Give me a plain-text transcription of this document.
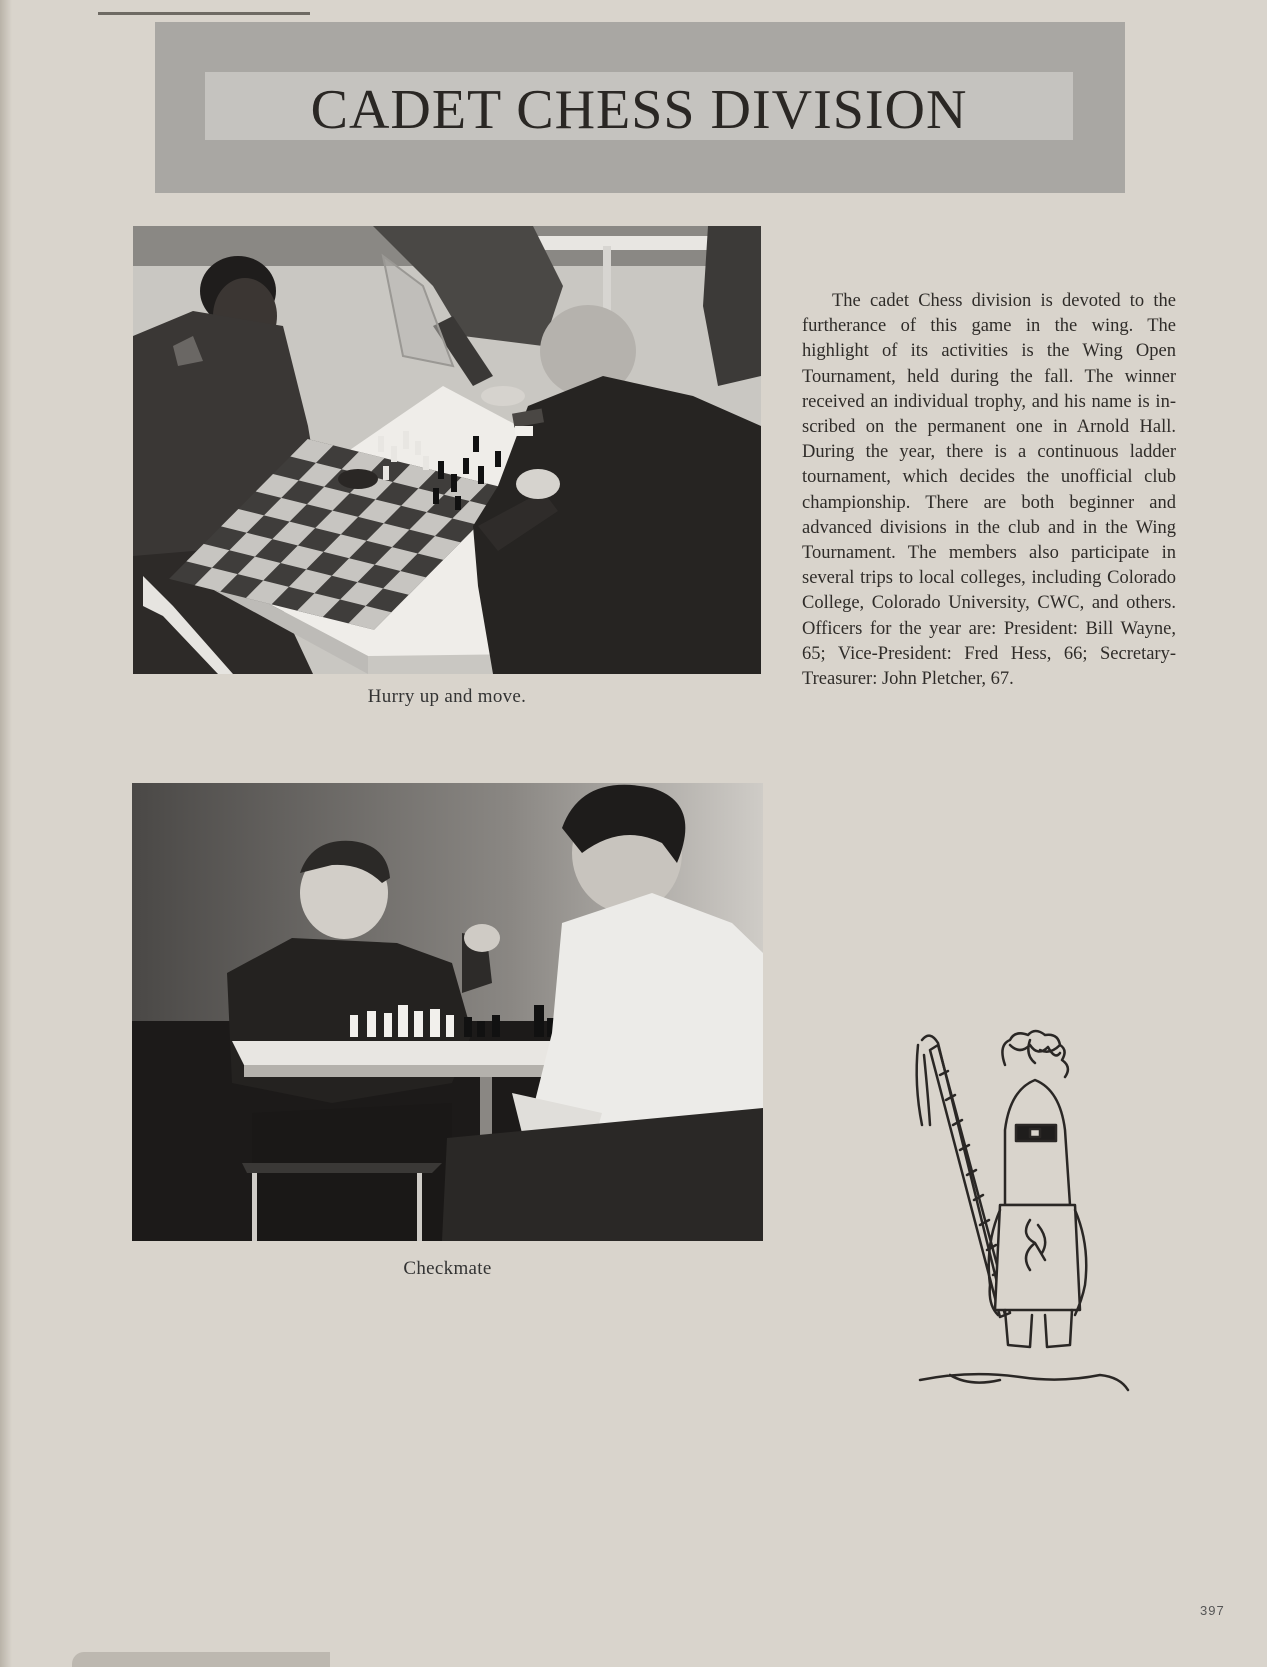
CADET CHESS DIVISION
Hurry up and move.
The cadet Chess division is devoted to the furtherance of this game in the wing. The highlight of its activities is the Wing Open Tournament, held during the fall. The winner received an individual trophy, and his name is inscribed on the permanent one in Arnold Hall. During the year, there is a continuous ladder tournament, which decides the unofficial club championship. There are both beginner and advanced divisions in the club and in the Wing Tournament. The members also participate in several trips to local colleges, including Colorado College, Colorado University, CWC, and others. Officers for the year are: President: Bill Wayne, 65; Vice-President: Fred Hess, 66; Secretary-Treasurer: John Pletcher, 67.
Checkmate
397
